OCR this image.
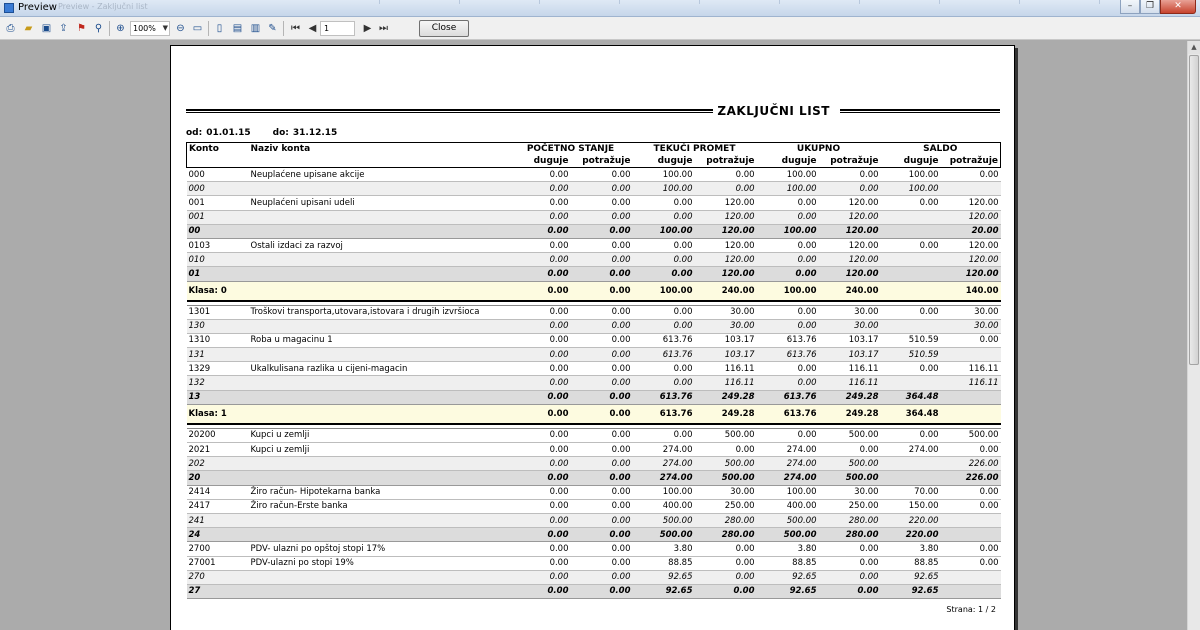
Preview Preview - Zaključni list	–	❐	✕
⎙ ▰ ▣ ⇪ ⚑ ⚲ ⊕	100% ▼ ⊖ ▭	▯	▤ ▥ ✎ ⏮ ◀ 1	▶ ⏭	Close
▲
ZAKLJUČNI LIST
od: 01.01.15 do: 31.12.15
Konto	Naziv konta	POČETNO STANJE		TEKUĆI PROMET		UKUPNO		SALDO	
		duguje	potražuje	duguje	potražuje	duguje	potražuje	duguje	potražuje
000	Neuplaćene upisane akcije	0.00	0.00	100.00	0.00	100.00	0.00	100.00	0.00
000		0.00	0.00	100.00	0.00	100.00	0.00	100.00	
001	Neuplaćeni upisani udeli	0.00	0.00	0.00	120.00	0.00	120.00	0.00	120.00
001		0.00	0.00	0.00	120.00	0.00	120.00		120.00
00		0.00	0.00	100.00	120.00	100.00	120.00		20.00
0103	Ostali izdaci za razvoj	0.00	0.00	0.00	120.00	0.00	120.00	0.00	120.00
010		0.00	0.00	0.00	120.00	0.00	120.00		120.00
01		0.00	0.00	0.00	120.00	0.00	120.00		120.00
Klasa: 0		0.00	0.00	100.00	240.00	100.00	240.00		140.00

1301	Troškovi transporta,utovara,istovara i drugih izvršioca	0.00	0.00	0.00	30.00	0.00	30.00	0.00	30.00
130		0.00	0.00	0.00	30.00	0.00	30.00		30.00
1310	Roba u magacinu 1	0.00	0.00	613.76	103.17	613.76	103.17	510.59	0.00
131		0.00	0.00	613.76	103.17	613.76	103.17	510.59	
1329	Ukalkulisana razlika u cijeni-magacin	0.00	0.00	0.00	116.11	0.00	116.11	0.00	116.11
132		0.00	0.00	0.00	116.11	0.00	116.11		116.11
13		0.00	0.00	613.76	249.28	613.76	249.28	364.48	
Klasa: 1		0.00	0.00	613.76	249.28	613.76	249.28	364.48	

20200	Kupci u zemlji	0.00	0.00	0.00	500.00	0.00	500.00	0.00	500.00
2021	Kupci u zemlji	0.00	0.00	274.00	0.00	274.00	0.00	274.00	0.00
202		0.00	0.00	274.00	500.00	274.00	500.00		226.00
20		0.00	0.00	274.00	500.00	274.00	500.00		226.00
2414	Žiro račun- Hipotekarna banka	0.00	0.00	100.00	30.00	100.00	30.00	70.00	0.00
2417	Žiro račun-Erste banka	0.00	0.00	400.00	250.00	400.00	250.00	150.00	0.00
241		0.00	0.00	500.00	280.00	500.00	280.00	220.00	
24		0.00	0.00	500.00	280.00	500.00	280.00	220.00	
2700	PDV- ulazni po opštoj stopi 17%	0.00	0.00	3.80	0.00	3.80	0.00	3.80	0.00
27001	PDV-ulazni po stopi 19%	0.00	0.00	88.85	0.00	88.85	0.00	88.85	0.00
270		0.00	0.00	92.65	0.00	92.65	0.00	92.65	
27		0.00	0.00	92.65	0.00	92.65	0.00	92.65	
Strana: 1 / 2
